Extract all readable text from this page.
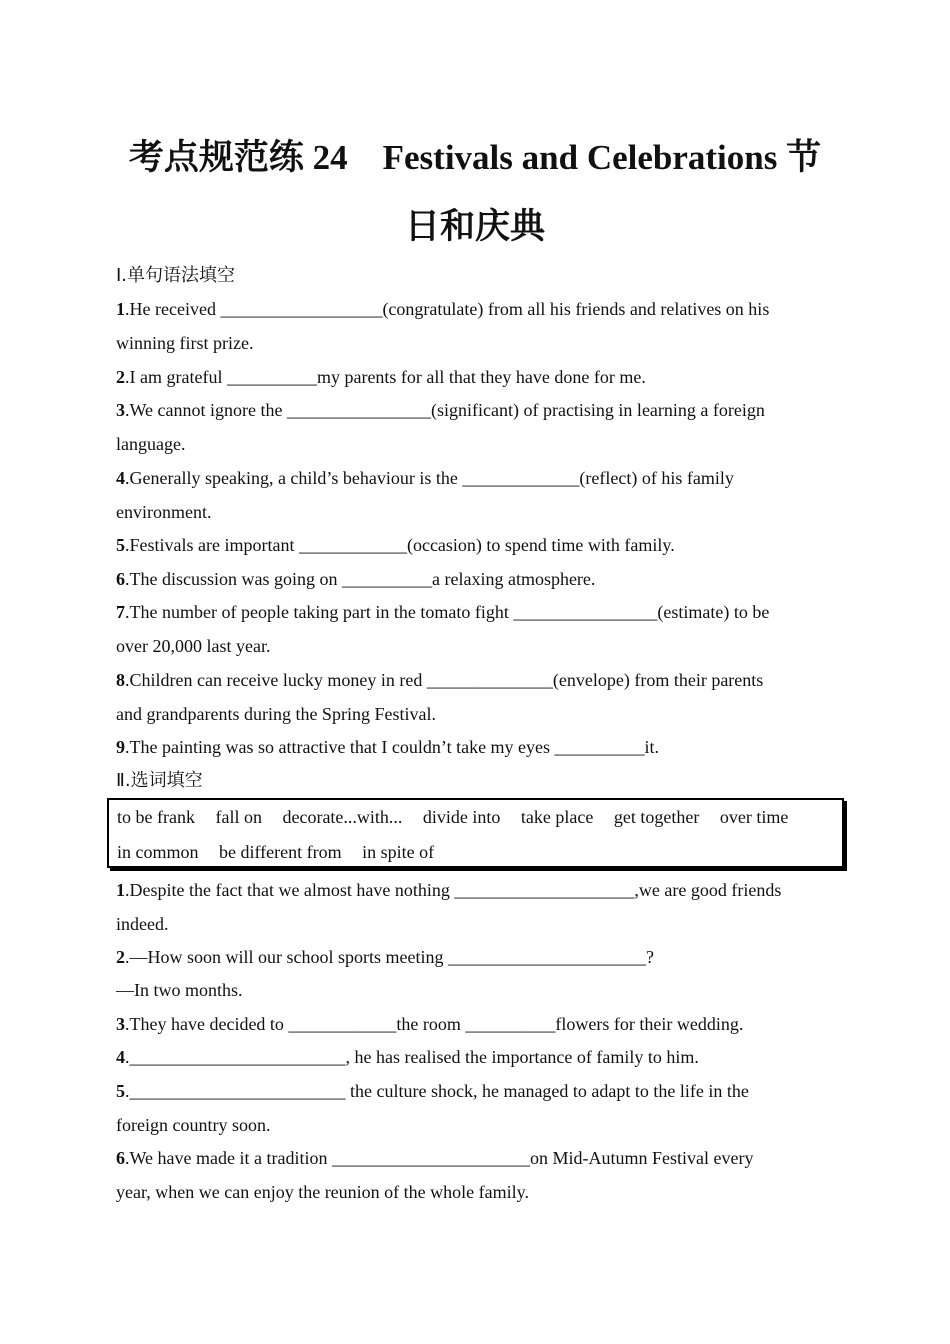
考点规范练 24　Festivals and Celebrations 节
日和庆典
Ⅰ.单句语法填空
1.He received __________________(congratulate) from all his friends and relatives on his
winning first prize.
2.I am grateful __________my parents for all that they have done for me.
3.We cannot ignore the ________________(significant) of practising in learning a foreign
language.
4.Generally speaking, a child’s behaviour is the _____________(reflect) of his family
environment.
5.Festivals are important ____________(occasion) to spend time with family.
6.The discussion was going on __________a relaxing atmosphere.
7.The number of people taking part in the tomato fight ________________(estimate) to be
over 20,000 last year.
8.Children can receive lucky money in red ______________(envelope) from their parents
and grandparents during the Spring Festival.
9.The painting was so attractive that I couldn’t take my eyes __________it.
Ⅱ.选词填空
to be frank fall on decorate...with... divide into take place get together over time
in common be different from in spite of
1.Despite the fact that we almost have nothing ____________________,we are good friends
indeed.
2.—How soon will our school sports meeting ______________________?
—In two months.
3.They have decided to ____________the room __________flowers for their wedding.
4.________________________, he has realised the importance of family to him.
5.________________________ the culture shock, he managed to adapt to the life in the
foreign country soon.
6.We have made it a tradition ______________________on Mid-Autumn Festival every
year, when we can enjoy the reunion of the whole family.
